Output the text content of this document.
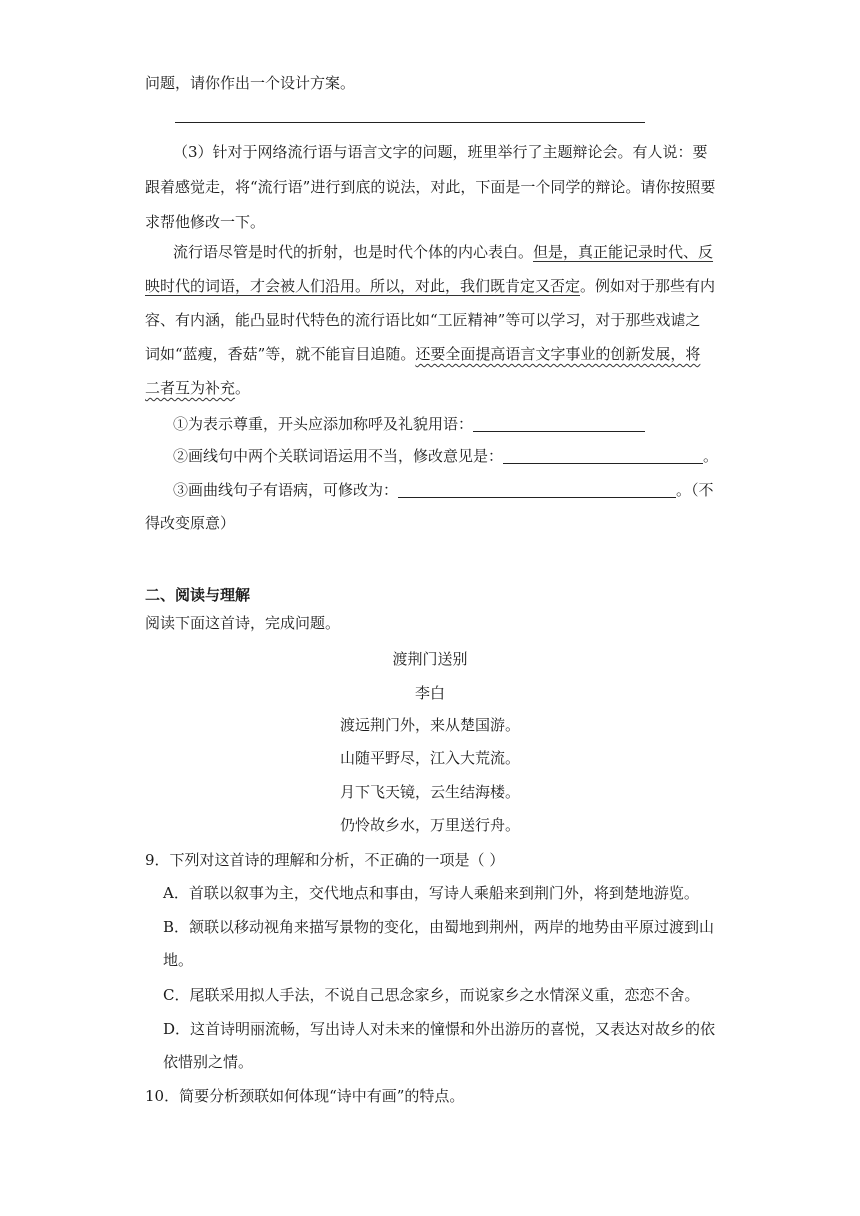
问题，请你作出一个设计方案。
（3）针对于网络流行语与语言文字的问题，班里举行了主题辩论会。有人说：要
跟着感觉走，将“流行语”进行到底的说法，对此，下面是一个同学的辩论。请你按照要
求帮他修改一下。
流行语尽管是时代的折射，也是时代个体的内心表白。但是，真正能记录时代、反
映时代的词语，才会被人们沿用。所以，对此，我们既肯定又否定。例如对于那些有内
容、有内涵，能凸显时代特色的流行语比如“工匠精神”等可以学习，对于那些戏谑之
词如“蓝瘦，香菇”等，就不能盲目追随。还要全面提高语言文字事业的创新发展，将
二者互为补充。
①为表示尊重，开头应添加称呼及礼貌用语：
②画线句中两个关联词语运用不当，修改意见是：	。
③画曲线句子有语病，可修改为：	。（不
得改变原意）
二、阅读与理解
阅读下面这首诗，完成问题。
渡荆门送别
李白
渡远荆门外，来从楚国游。
山随平野尽，江入大荒流。
月下飞天镜，云生结海楼。
仍怜故乡水，万里送行舟。
9．下列对这首诗的理解和分析，不正确的一项是（ ）
A．首联以叙事为主，交代地点和事由，写诗人乘船来到荆门外，将到楚地游览。
B．颔联以移动视角来描写景物的变化，由蜀地到荆州，两岸的地势由平原过渡到山
地。
C．尾联采用拟人手法，不说自己思念家乡，而说家乡之水情深义重，恋恋不舍。
D．这首诗明丽流畅，写出诗人对未来的憧憬和外出游历的喜悦，又表达对故乡的依
依惜别之情。
10．简要分析颈联如何体现“诗中有画”的特点。
